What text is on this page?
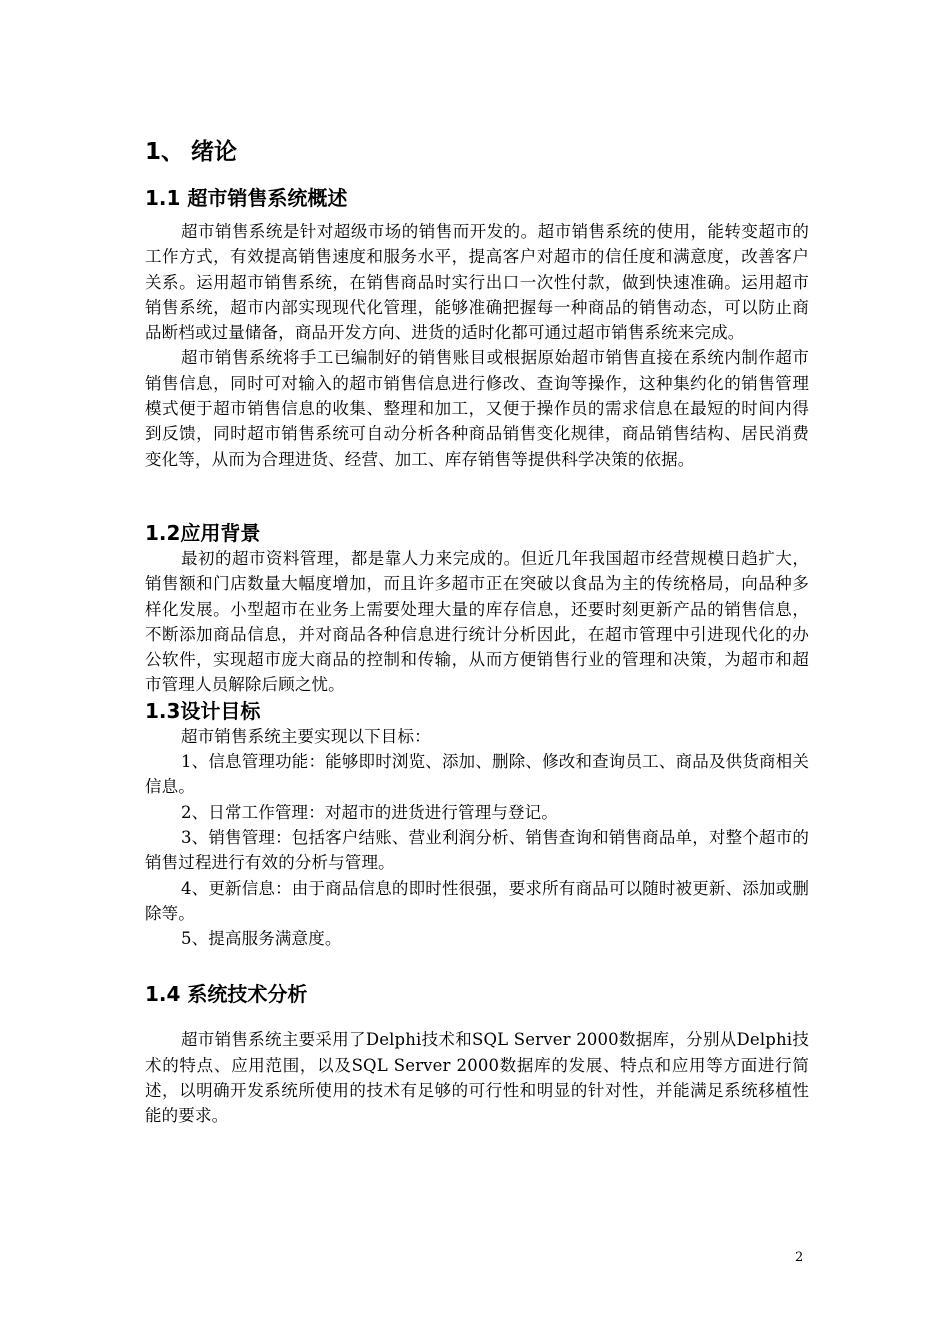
1、 绪论
1.1 超市销售系统概述

超市销售系统是针对超级市场的销售而开发的。超市销售系统的使用，能转变超市的工作方式，有效提高销售速度和服务水平，提高客户对超市的信任度和满意度，改善客户关系。运用超市销售系统，在销售商品时实行出口一次性付款，做到快速准确。运用超市销售系统，超市内部实现现代化管理，能够准确把握每一种商品的销售动态，可以防止商品断档或过量储备，商品开发方向、进货的适时化都可通过超市销售系统来完成。

超市销售系统将手工已编制好的销售账目或根据原始超市销售直接在系统内制作超市销售信息，同时可对输入的超市销售信息进行修改、查询等操作，这种集约化的销售管理模式便于超市销售信息的收集、整理和加工，又便于操作员的需求信息在最短的时间内得到反馈，同时超市销售系统可自动分析各种商品销售变化规律，商品销售结构、居民消费变化等，从而为合理进货、经营、加工、库存销售等提供科学决策的依据。

1.2应用背景

最初的超市资料管理，都是靠人力来完成的。但近几年我国超市经营规模日趋扩大，销售额和门店数量大幅度增加，而且许多超市正在突破以食品为主的传统格局，向品种多样化发展。小型超市在业务上需要处理大量的库存信息，还要时刻更新产品的销售信息，不断添加商品信息，并对商品各种信息进行统计分析因此，在超市管理中引进现代化的办公软件，实现超市庞大商品的控制和传输，从而方便销售行业的管理和决策，为超市和超市管理人员解除后顾之忧。

1.3设计目标

超市销售系统主要实现以下目标：

1、信息管理功能：能够即时浏览、添加、删除、修改和查询员工、商品及供货商相关信息。

2、日常工作管理：对超市的进货进行管理与登记。

3、销售管理：包括客户结账、营业利润分析、销售查询和销售商品单，对整个超市的销售过程进行有效的分析与管理。

4、更新信息：由于商品信息的即时性很强，要求所有商品可以随时被更新、添加或删除等。

5、提高服务满意度。

1.4 系统技术分析

超市销售系统主要采用了Delphi技术和SQL Server 2000数据库，分别从Delphi技术的特点、应用范围，以及SQL Server 2000数据库的发展、特点和应用等方面进行简述，以明确开发系统所使用的技术有足够的可行性和明显的针对性，并能满足系统移植性能的要求。

2
